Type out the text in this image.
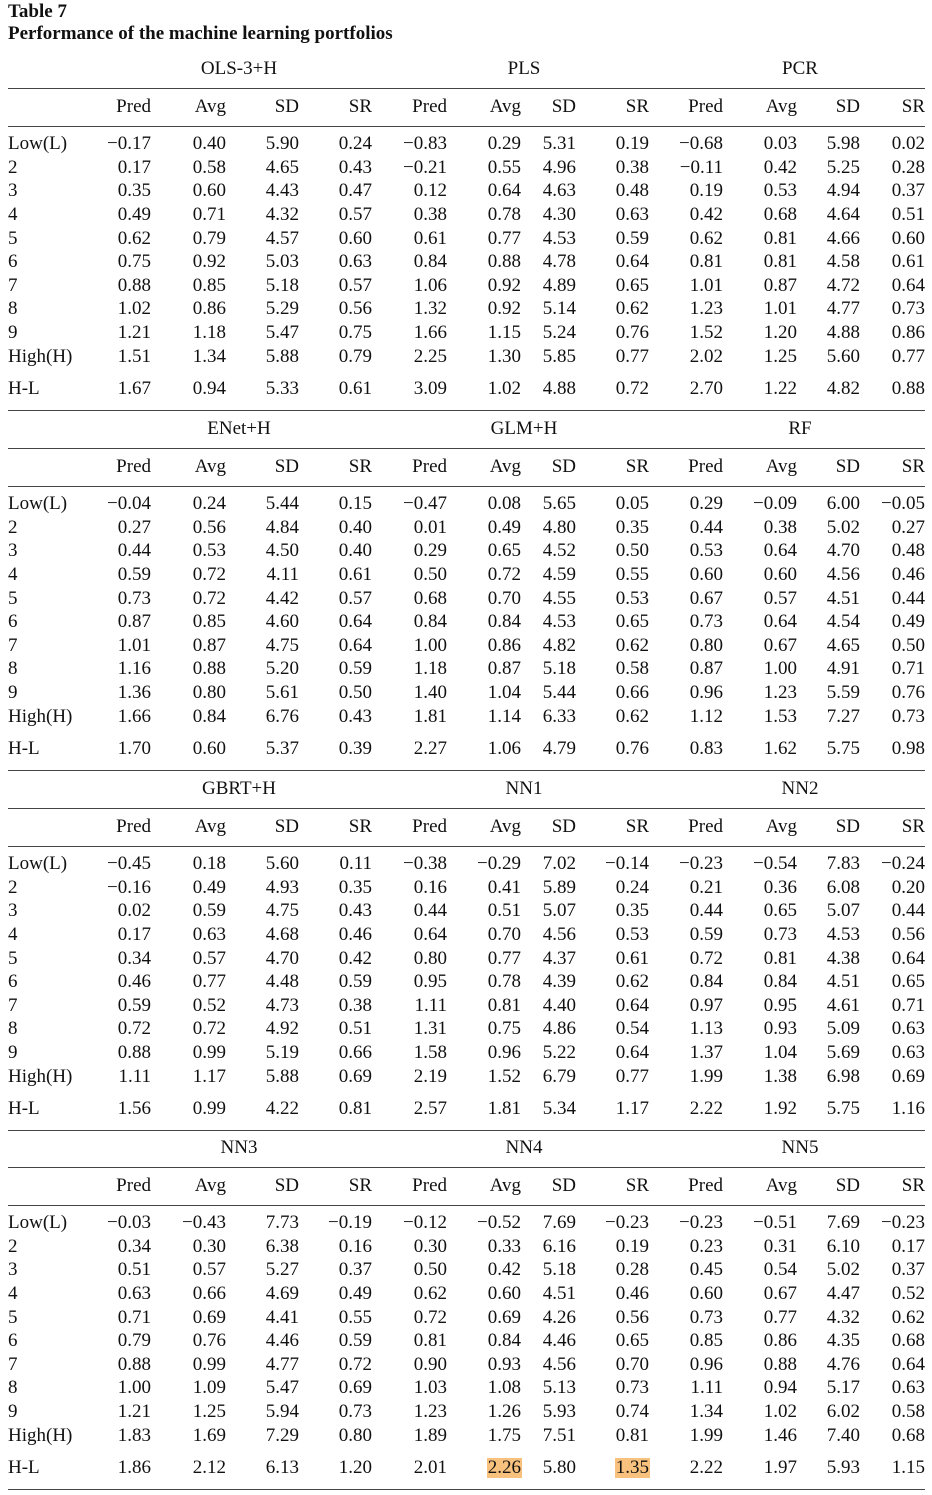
Table 7
Performance of the machine learning portfolios
OLS-3+H	PLS	PCR
Pred	Avg	SD	SR	Pred	Avg	SD	SR	Pred	Avg	SD	SR
Low(L)	−0.17	0.40	5.90	0.24	−0.83	0.29	5.31	0.19	−0.68	0.03	5.98	0.02
2	0.17	0.58	4.65	0.43	−0.21	0.55	4.96	0.38	−0.11	0.42	5.25	0.28
3	0.35	0.60	4.43	0.47	0.12	0.64	4.63	0.48	0.19	0.53	4.94	0.37
4	0.49	0.71	4.32	0.57	0.38	0.78	4.30	0.63	0.42	0.68	4.64	0.51
5	0.62	0.79	4.57	0.60	0.61	0.77	4.53	0.59	0.62	0.81	4.66	0.60
6	0.75	0.92	5.03	0.63	0.84	0.88	4.78	0.64	0.81	0.81	4.58	0.61
7	0.88	0.85	5.18	0.57	1.06	0.92	4.89	0.65	1.01	0.87	4.72	0.64
8	1.02	0.86	5.29	0.56	1.32	0.92	5.14	0.62	1.23	1.01	4.77	0.73
9	1.21	1.18	5.47	0.75	1.66	1.15	5.24	0.76	1.52	1.20	4.88	0.86
High(H)	1.51	1.34	5.88	0.79	2.25	1.30	5.85	0.77	2.02	1.25	5.60	0.77
H-L	1.67	0.94	5.33	0.61	3.09	1.02	4.88	0.72	2.70	1.22	4.82	0.88
ENet+H	GLM+H	RF
Pred	Avg	SD	SR	Pred	Avg	SD	SR	Pred	Avg	SD	SR
Low(L)	−0.04	0.24	5.44	0.15	−0.47	0.08	5.65	0.05	0.29	−0.09	6.00	−0.05
2	0.27	0.56	4.84	0.40	0.01	0.49	4.80	0.35	0.44	0.38	5.02	0.27
3	0.44	0.53	4.50	0.40	0.29	0.65	4.52	0.50	0.53	0.64	4.70	0.48
4	0.59	0.72	4.11	0.61	0.50	0.72	4.59	0.55	0.60	0.60	4.56	0.46
5	0.73	0.72	4.42	0.57	0.68	0.70	4.55	0.53	0.67	0.57	4.51	0.44
6	0.87	0.85	4.60	0.64	0.84	0.84	4.53	0.65	0.73	0.64	4.54	0.49
7	1.01	0.87	4.75	0.64	1.00	0.86	4.82	0.62	0.80	0.67	4.65	0.50
8	1.16	0.88	5.20	0.59	1.18	0.87	5.18	0.58	0.87	1.00	4.91	0.71
9	1.36	0.80	5.61	0.50	1.40	1.04	5.44	0.66	0.96	1.23	5.59	0.76
High(H)	1.66	0.84	6.76	0.43	1.81	1.14	6.33	0.62	1.12	1.53	7.27	0.73
H-L	1.70	0.60	5.37	0.39	2.27	1.06	4.79	0.76	0.83	1.62	5.75	0.98
GBRT+H	NN1	NN2
Pred	Avg	SD	SR	Pred	Avg	SD	SR	Pred	Avg	SD	SR
Low(L)	−0.45	0.18	5.60	0.11	−0.38	−0.29	7.02	−0.14	−0.23	−0.54	7.83	−0.24
2	−0.16	0.49	4.93	0.35	0.16	0.41	5.89	0.24	0.21	0.36	6.08	0.20
3	0.02	0.59	4.75	0.43	0.44	0.51	5.07	0.35	0.44	0.65	5.07	0.44
4	0.17	0.63	4.68	0.46	0.64	0.70	4.56	0.53	0.59	0.73	4.53	0.56
5	0.34	0.57	4.70	0.42	0.80	0.77	4.37	0.61	0.72	0.81	4.38	0.64
6	0.46	0.77	4.48	0.59	0.95	0.78	4.39	0.62	0.84	0.84	4.51	0.65
7	0.59	0.52	4.73	0.38	1.11	0.81	4.40	0.64	0.97	0.95	4.61	0.71
8	0.72	0.72	4.92	0.51	1.31	0.75	4.86	0.54	1.13	0.93	5.09	0.63
9	0.88	0.99	5.19	0.66	1.58	0.96	5.22	0.64	1.37	1.04	5.69	0.63
High(H)	1.11	1.17	5.88	0.69	2.19	1.52	6.79	0.77	1.99	1.38	6.98	0.69
H-L	1.56	0.99	4.22	0.81	2.57	1.81	5.34	1.17	2.22	1.92	5.75	1.16
NN3	NN4	NN5
Pred	Avg	SD	SR	Pred	Avg	SD	SR	Pred	Avg	SD	SR
Low(L)	−0.03	−0.43	7.73	−0.19	−0.12	−0.52	7.69	−0.23	−0.23	−0.51	7.69	−0.23
2	0.34	0.30	6.38	0.16	0.30	0.33	6.16	0.19	0.23	0.31	6.10	0.17
3	0.51	0.57	5.27	0.37	0.50	0.42	5.18	0.28	0.45	0.54	5.02	0.37
4	0.63	0.66	4.69	0.49	0.62	0.60	4.51	0.46	0.60	0.67	4.47	0.52
5	0.71	0.69	4.41	0.55	0.72	0.69	4.26	0.56	0.73	0.77	4.32	0.62
6	0.79	0.76	4.46	0.59	0.81	0.84	4.46	0.65	0.85	0.86	4.35	0.68
7	0.88	0.99	4.77	0.72	0.90	0.93	4.56	0.70	0.96	0.88	4.76	0.64
8	1.00	1.09	5.47	0.69	1.03	1.08	5.13	0.73	1.11	0.94	5.17	0.63
9	1.21	1.25	5.94	0.73	1.23	1.26	5.93	0.74	1.34	1.02	6.02	0.58
High(H)	1.83	1.69	7.29	0.80	1.89	1.75	7.51	0.81	1.99	1.46	7.40	0.68
H-L	1.86	2.12	6.13	1.20	2.01 2.26	5.80 1.35	2.22	1.97	5.93	1.15
